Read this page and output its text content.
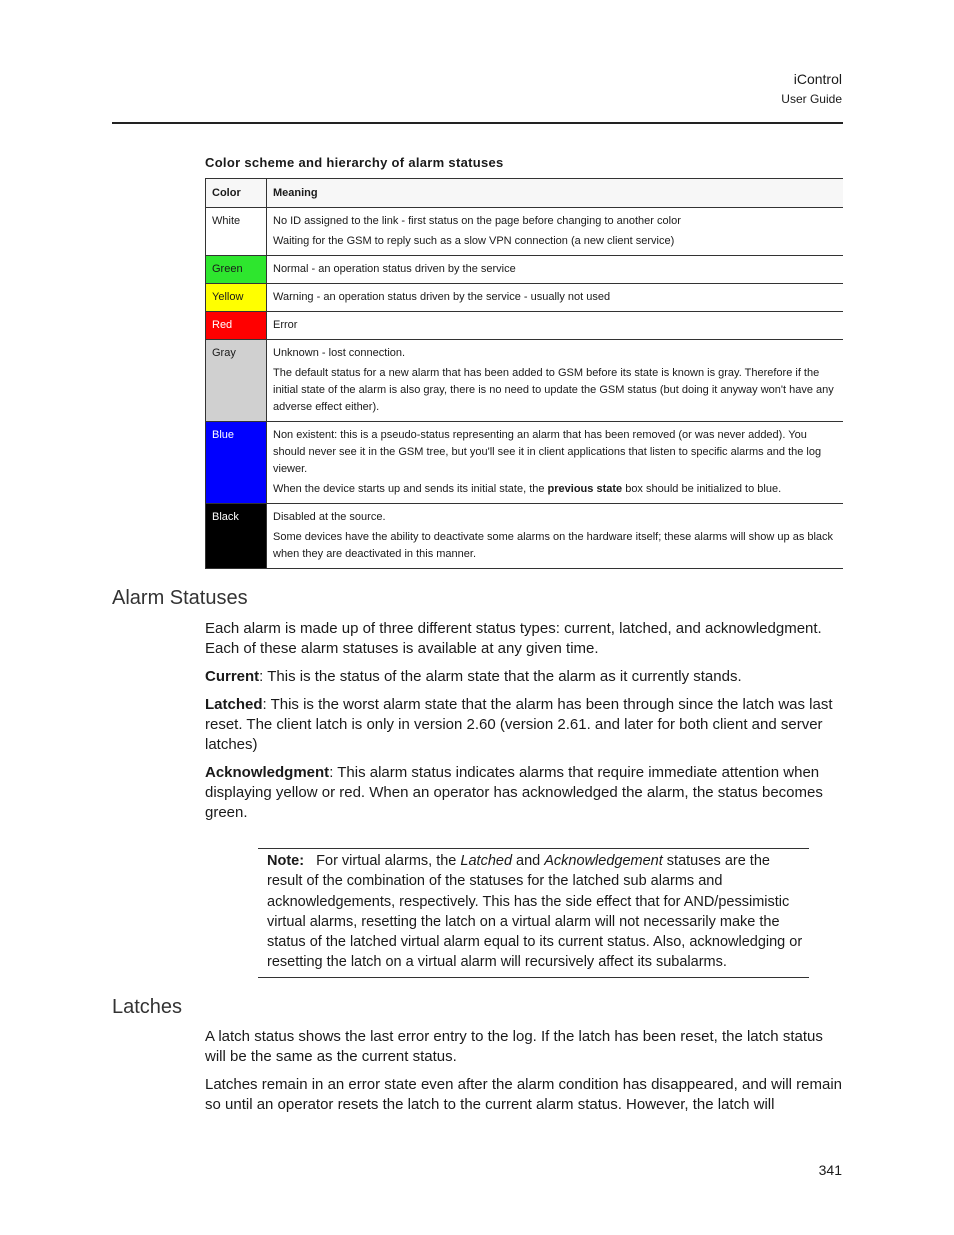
iControl
User Guide
Color scheme and hierarchy of alarm statuses
Color	Meaning
White	No ID assigned to the link - first status on the page before changing to another color
Waiting for the GSM to reply such as a slow VPN connection (a new client service)

Green	Normal - an operation status driven by the service

Yellow	Warning - an operation status driven by the service - usually not used

Red	Error

Gray	Unknown - lost connection.
The default status for a new alarm that has been added to GSM before its state is known is gray. Therefore if the initial state of the alarm is also gray, there is no need to update the GSM status (but doing it anyway won't have any adverse effect either).

Blue	Non existent: this is a pseudo-status representing an alarm that has been removed (or was never added). You should never see it in the GSM tree, but you'll see it in client applications that listen to specific alarms and the log viewer.
When the device starts up and sends its initial state, the previous state box should be initialized to blue.

Black	Disabled at the source.
Some devices have the ability to deactivate some alarms on the hardware itself; these alarms will show up as black when they are deactivated in this manner.
Alarm Statuses

Each alarm is made up of three different status types: current, latched, and acknowledgment. Each of these alarm statuses is available at any given time.

Current: This is the status of the alarm state that the alarm as it currently stands.

Latched: This is the worst alarm state that the alarm has been through since the latch was last reset. The client latch is only in version 2.60 (version 2.61. and later for both client and server latches)

Acknowledgment: This alarm status indicates alarms that require immediate attention when displaying yellow or red. When an operator has acknowledged the alarm, the status becomes green.

Note: For virtual alarms, the Latched and Acknowledgement statuses are the result of the combination of the statuses for the latched sub alarms and acknowledgements, respectively. This has the side effect that for AND/pessimistic virtual alarms, resetting the latch on a virtual alarm will not necessarily make the status of the latched virtual alarm equal to its current status. Also, acknowledging or resetting the latch on a virtual alarm will recursively affect its subalarms.
Latches

A latch status shows the last error entry to the log. If the latch has been reset, the latch status will be the same as the current status.

Latches remain in an error state even after the alarm condition has disappeared, and will remain so until an operator resets the latch to the current alarm status. However, the latch will

341
